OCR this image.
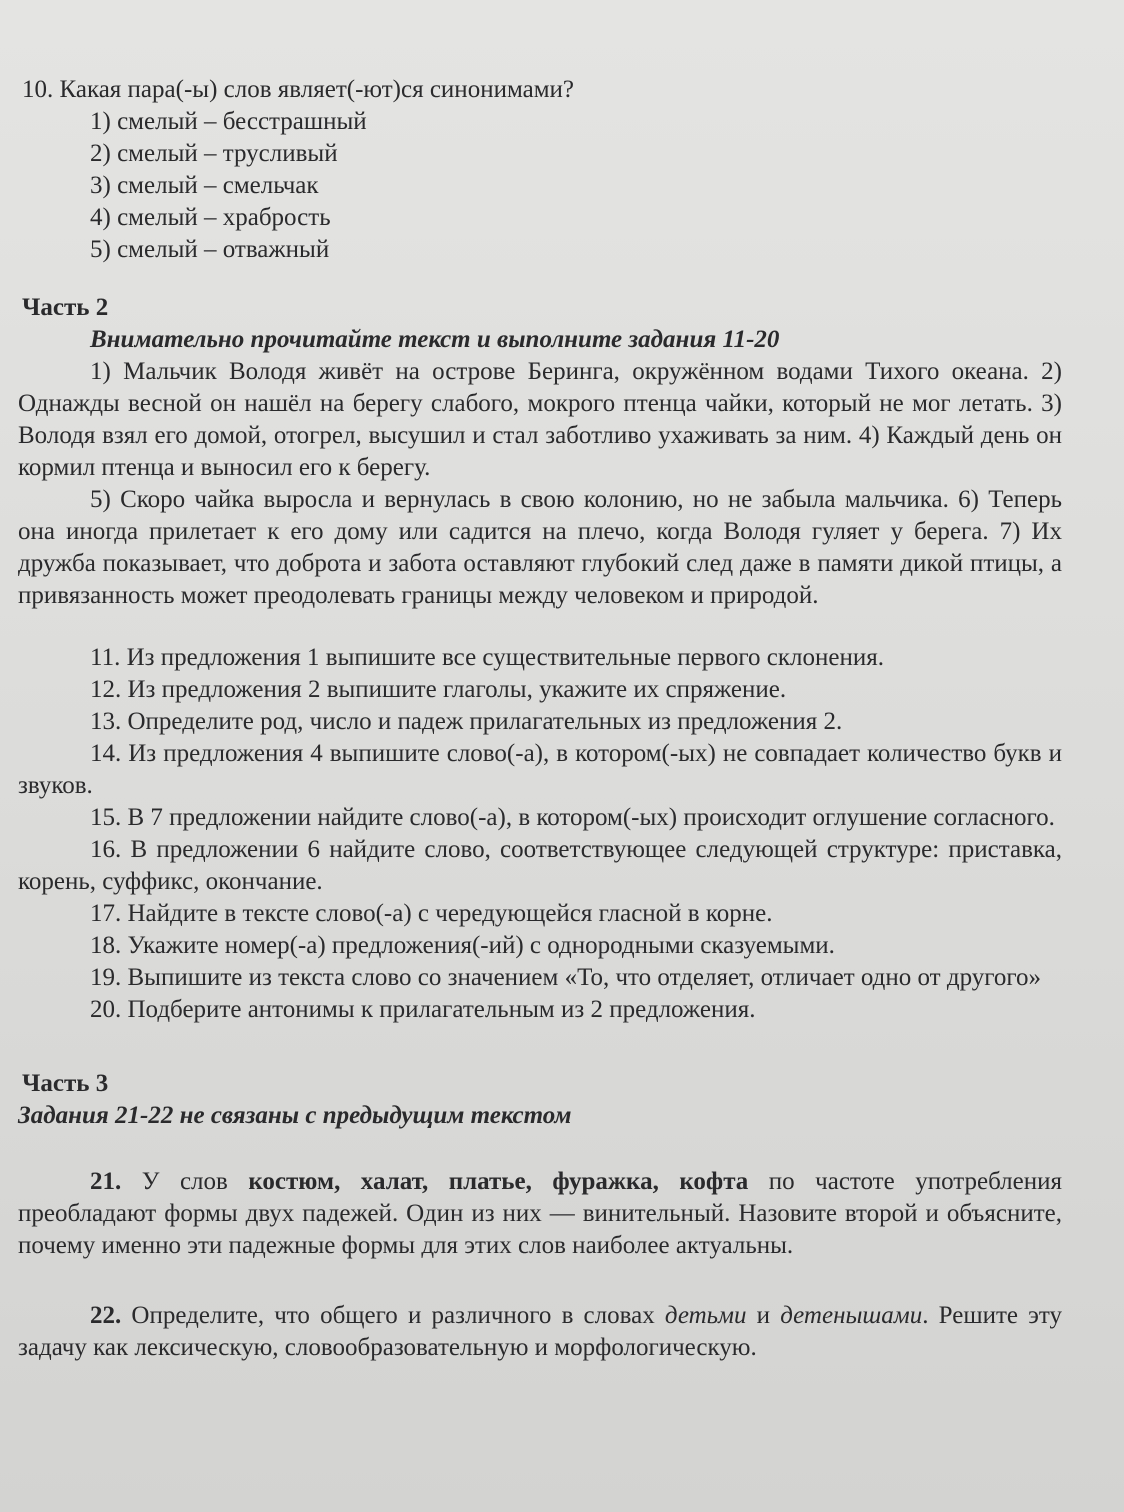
10. Какая пара(-ы) слов являет(-ют)ся синонимами?

1) смелый – бесстрашный
2) смелый – трусливый
3) смелый – смельчак
4) смелый – храбрость
5) смелый – отважный

Часть 2

Внимательно прочитайте текст и выполните задания 11-20

1) Мальчик Володя живёт на острове Беринга, окружённом водами Тихого океана. 2) Однажды весной он нашёл на берегу слабого, мокрого птенца чайки, который не мог летать. 3) Володя взял его домой, отогрел, высушил и стал заботливо ухаживать за ним. 4) Каждый день он кормил птенца и выносил его к берегу.

5) Скоро чайка выросла и вернулась в свою колонию, но не забыла мальчика. 6) Теперь она иногда прилетает к его дому или садится на плечо, когда Володя гуляет у берега. 7) Их дружба показывает, что доброта и забота оставляют глубокий след даже в памяти дикой птицы, а привязанность может преодолевать границы между человеком и природой.

11. Из предложения 1 выпишите все существительные первого склонения.

12. Из предложения 2 выпишите глаголы, укажите их спряжение.

13. Определите род, число и падеж прилагательных из предложения 2.

14. Из предложения 4 выпишите слово(-а), в котором(-ых) не совпадает количество букв и звуков.

15. В 7 предложении найдите слово(-а), в котором(-ых) происходит оглушение согласного.

16. В предложении 6 найдите слово, соответствующее следующей структуре: приставка, корень, суффикс, окончание.

17. Найдите в тексте слово(-а) с чередующейся гласной в корне.

18. Укажите номер(-а) предложения(-ий) с однородными сказуемыми.

19. Выпишите из текста слово со значением «То, что отделяет, отличает одно от другого»

20. Подберите антонимы к прилагательным из 2 предложения.

Часть 3

Задания 21-22 не связаны с предыдущим текстом

21. У слов костюм, халат, платье, фуражка, кофта по частоте употребления преобладают формы двух падежей. Один из них — винительный. Назовите второй и объясните, почему именно эти падежные формы для этих слов наиболее актуальны.

22. Определите, что общего и различного в словах детьми и детенышами. Решите эту задачу как лексическую, словообразовательную и морфологическую.
